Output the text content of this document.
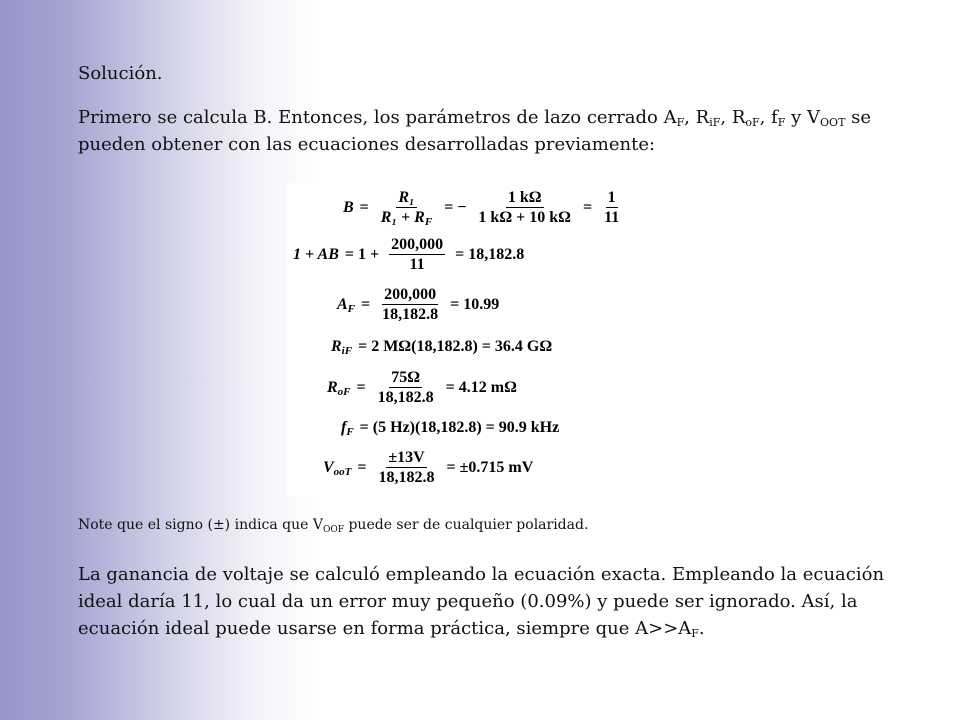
Solución.
Primero se calcula B. Entonces, los parámetros de lazo cerrado $A_F$, $R_{iF}$, $R_{oF}$, $f_F$ y $V_{OOT}$ se pueden obtener con las ecuaciones desarrolladas previamente:
$B = \frac{\text{R₁}}{\text{R₁ + RF}}$ = − $\frac{1 k\Omega}{1 k\Omega + 10 k\Omega} = \frac{1}{11}$
1 + AB = $1 + \frac{200,000}{11} = 18,182.8$
AF = $\frac{200,000}{18,182.8} = 10.99$
RiF = 2 MΩ(18,182.8) = 36.4 GΩ
RoF = $\frac{75\Omega}{18,182.8} = 4.12$ mΩ
fF = (5 Hz)(18,182.8) = 90.9 kHz
VooT = $\frac{\pm 13V}{18,182.8} = \pm 0.715$ mV
Note que el signo (±) indica que $V_{OOF}$ puede ser de cualquier polaridad.
La ganancia de voltaje se calculó empleando la ecuación exacta. Empleando la ecuación ideal daría 11, lo cual da un error muy pequeño (0.09%) y puede ser ignorado. Así, la ecuación ideal puede usarse en forma práctica, siempre que $A>>A_F$.
